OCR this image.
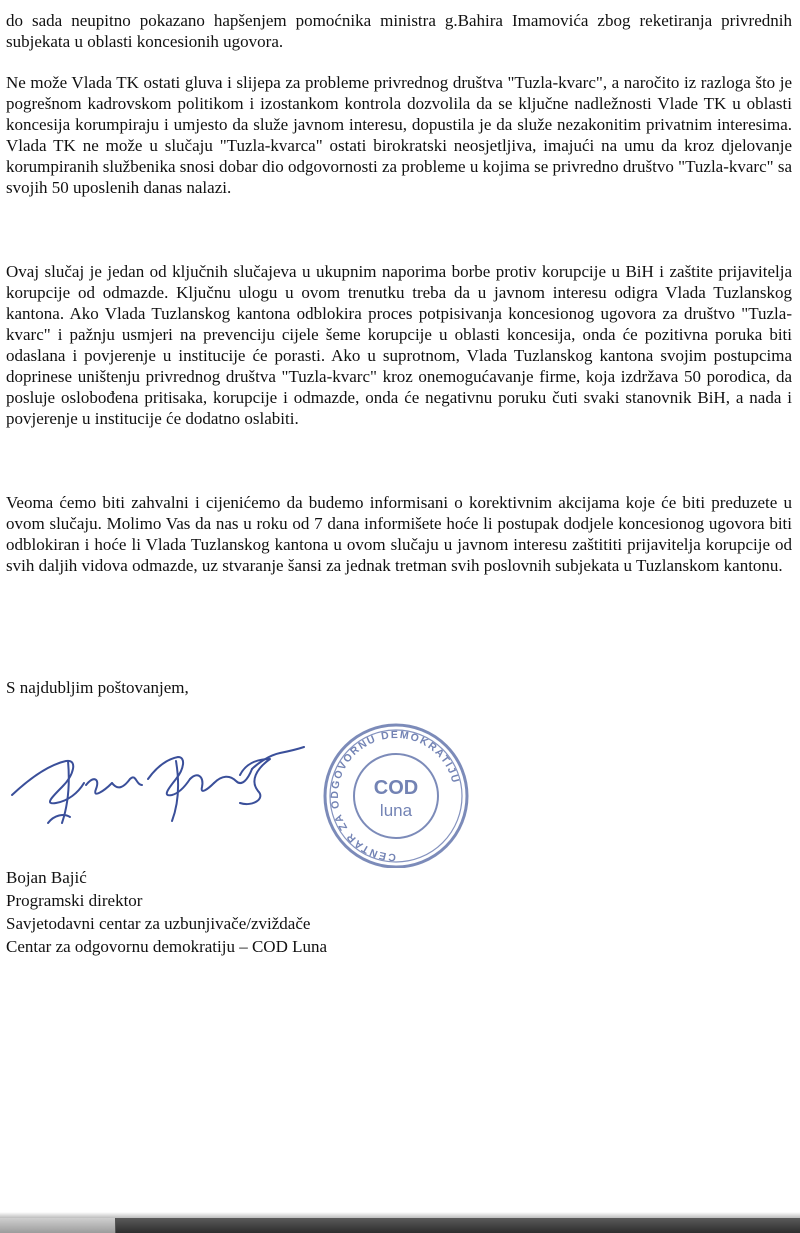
do sada neupitno pokazano hapšenjem pomoćnika ministra g.Bahira Imamovića zbog reketiranja privrednih subjekata u oblasti koncesionih ugovora.

Ne može Vlada TK ostati gluva i slijepa za probleme privrednog društva "Tuzla-kvarc", a naročito iz razloga što je pogrešnom kadrovskom politikom i izostankom kontrola dozvolila da se ključne nadležnosti Vlade TK u oblasti koncesija korumpiraju i umjesto da služe javnom interesu, dopustila je da služe nezakonitim privatnim interesima. Vlada TK ne može u slučaju "Tuzla-kvarca" ostati birokratski neosjetljiva, imajući na umu da kroz djelovanje korumpiranih službenika snosi dobar dio odgovornosti za probleme u kojima se privredno društvo "Tuzla-kvarc" sa svojih 50 uposlenih danas nalazi.

Ovaj slučaj je jedan od ključnih slučajeva u ukupnim naporima borbe protiv korupcije u BiH i zaštite prijavitelja korupcije od odmazde. Ključnu ulogu u ovom trenutku treba da u javnom interesu odigra Vlada Tuzlanskog kantona. Ako Vlada Tuzlanskog kantona odblokira proces potpisivanja koncesionog ugovora za društvo "Tuzla-kvarc" i pažnju usmjeri na prevenciju cijele šeme korupcije u oblasti koncesija, onda će pozitivna poruka biti odaslana i povjerenje u institucije će porasti. Ako u suprotnom, Vlada Tuzlanskog kantona svojim postupcima doprinese uništenju privrednog društva "Tuzla-kvarc" kroz onemogućavanje firme, koja izdržava 50 porodica, da posluje oslobođena pritisaka, korupcije i odmazde, onda će negativnu poruku čuti svaki stanovnik BiH, a nada i povjerenje u institucije će dodatno oslabiti.

Veoma ćemo biti zahvalni i cijenićemo da budemo informisani o korektivnim akcijama koje će biti preduzete u ovom slučaju. Molimo Vas da nas u roku od 7 dana informišete hoće li postupak dodjele koncesionog ugovora biti odblokiran i hoće li Vlada Tuzlanskog kantona u ovom slučaju u javnom interesu zaštititi prijavitelja korupcije od svih daljih vidova odmazde, uz stvaranje šansi za jednak tretman svih poslovnih subjekata u Tuzlanskom kantonu.

S najdubljim poštovanjem,
CENTAR ZA ODGOVORNU DEMOKRATIJU
COD
luna
Bojan Bajić
Programski direktor
Savjetodavni centar za uzbunjivače/zviždače
Centar za odgovornu demokratiju – COD Luna
